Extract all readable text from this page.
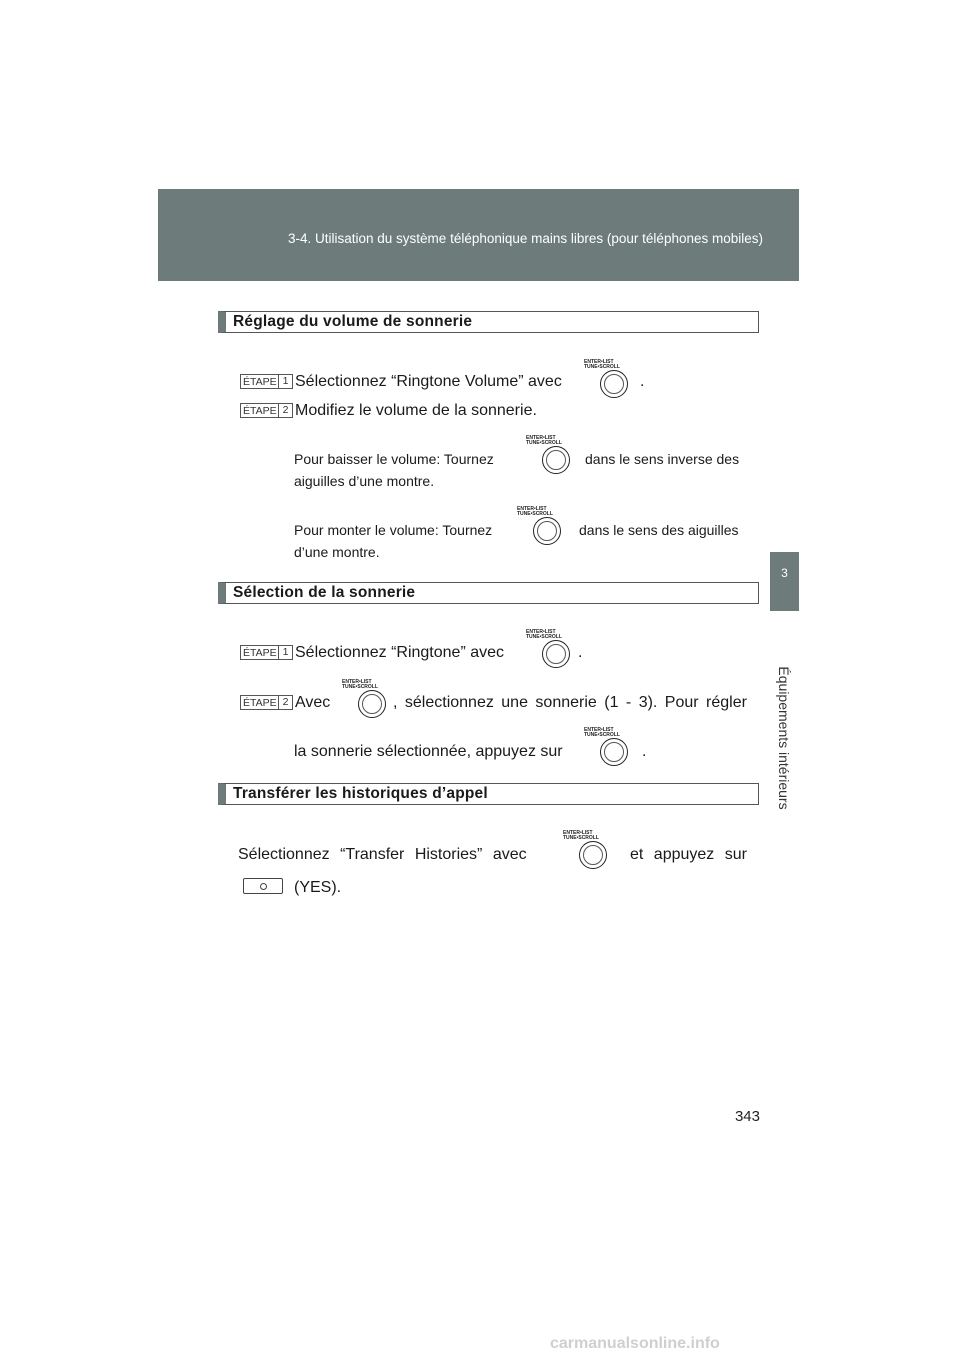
3-4. Utilisation du système téléphonique mains libres (pour téléphones mobiles)
3
Équipements intérieurs
Réglage du volume de sonnerie
ÉTAPE 1 Sélectionnez “Ringtone Volume” avec
ENTER•LIST
TUNE•SCROLL
.
ÉTAPE 2 Modifiez le volume de la sonnerie.
Pour baisser le volume: Tournez
ENTER•LIST
TUNE•SCROLL
dans le sens inverse des
aiguilles d’une montre.
Pour monter le volume: Tournez
ENTER•LIST
TUNE•SCROLL
dans le sens des aiguilles
d’une montre.
Sélection de la sonnerie
ÉTAPE 1 Sélectionnez “Ringtone” avec
ENTER•LIST
TUNE•SCROLL
.
ÉTAPE 2 Avec
ENTER•LIST
TUNE•SCROLL
, sélectionnez une sonnerie (1 - 3). Pour régler
la sonnerie sélectionnée, appuyez sur
ENTER•LIST
TUNE•SCROLL
.
Transférer les historiques d’appel
Sélectionnez “Transfer Histories” avec
ENTER•LIST
TUNE•SCROLL
et appuyez sur
(YES).
343
carmanualsonline.info
